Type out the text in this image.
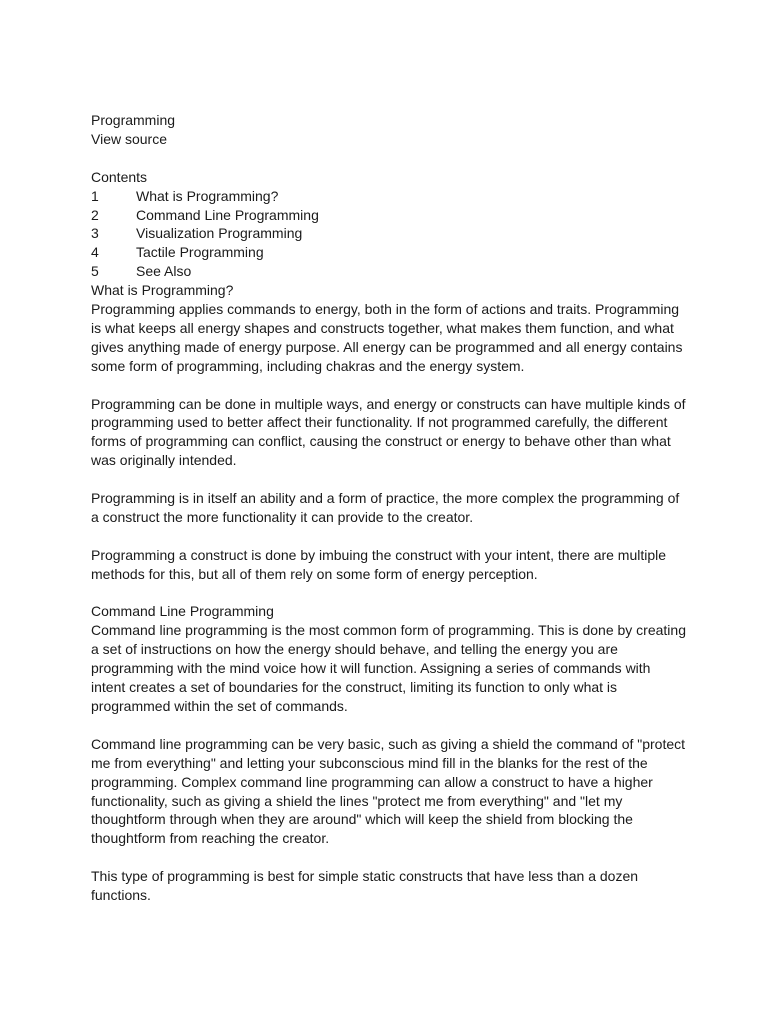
Programming
View source
Contents
1	What is Programming?
2	Command Line Programming
3	Visualization Programming
4	Tactile Programming
5	See Also
What is Programming?
Programming applies commands to energy, both in the form of actions and traits. Programming
is what keeps all energy shapes and constructs together, what makes them function, and what
gives anything made of energy purpose. All energy can be programmed and all energy contains
some form of programming, including chakras and the energy system.
Programming can be done in multiple ways, and energy or constructs can have multiple kinds of
programming used to better affect their functionality. If not programmed carefully, the different
forms of programming can conflict, causing the construct or energy to behave other than what
was originally intended.
Programming is in itself an ability and a form of practice, the more complex the programming of
a construct the more functionality it can provide to the creator.
Programming a construct is done by imbuing the construct with your intent, there are multiple
methods for this, but all of them rely on some form of energy perception.
Command Line Programming
Command line programming is the most common form of programming. This is done by creating
a set of instructions on how the energy should behave, and telling the energy you are
programming with the mind voice how it will function. Assigning a series of commands with
intent creates a set of boundaries for the construct, limiting its function to only what is
programmed within the set of commands.
Command line programming can be very basic, such as giving a shield the command of "protect
me from everything" and letting your subconscious mind fill in the blanks for the rest of the
programming. Complex command line programming can allow a construct to have a higher
functionality, such as giving a shield the lines "protect me from everything" and "let my
thoughtform through when they are around" which will keep the shield from blocking the
thoughtform from reaching the creator.
This type of programming is best for simple static constructs that have less than a dozen
functions.
